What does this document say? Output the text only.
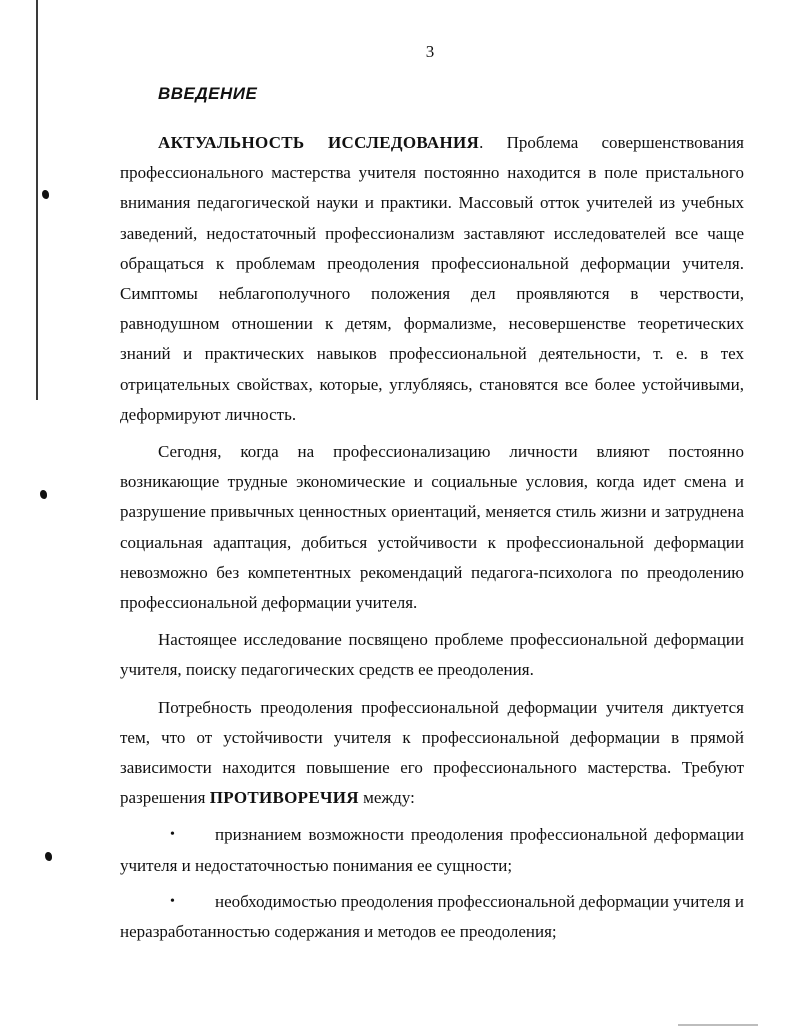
3
ВВЕДЕНИЕ

АКТУАЛЬНОСТЬ ИССЛЕДОВАНИЯ. Проблема совершенствования профессионального мастерства учителя постоянно находится в поле пристального внимания педагогической науки и практики. Массовый отток учителей из учебных заведений, недостаточный профессионализм заставляют исследователей все чаще обращаться к проблемам преодоления профессиональной деформации учителя. Симптомы неблагополучного положения дел проявляются в черствости, равнодушном отношении к детям, формализме, несовершенстве теоретических знаний и практических навыков профессиональной деятельности, т. е. в тех отрицательных свойствах, которые, углубляясь, становятся все более устойчивыми, деформируют личность.

Сегодня, когда на профессионализацию личности влияют постоянно возникающие трудные экономические и социальные условия, когда идет смена и разрушение привычных ценностных ориентаций, меняется стиль жизни и затруднена социальная адаптация, добиться устойчивости к профессиональной деформации невозможно без компетентных рекомендаций педагога-психолога по преодолению профессиональной деформации учителя.

Настоящее исследование посвящено проблеме профессиональной деформации учителя, поиску педагогических средств ее преодоления.

Потребность преодоления профессиональной деформации учителя диктуется тем, что от устойчивости учителя к профессиональной деформации в прямой зависимости находится повышение его профессионального мастерства. Требуют разрешения ПРОТИВОРЕЧИЯ между:

• признанием возможности преодоления профессиональной деформации учителя и недостаточностью понимания ее сущности;
• необходимостью преодоления профессиональной деформации учителя и неразработанностью содержания и методов ее преодоления;
